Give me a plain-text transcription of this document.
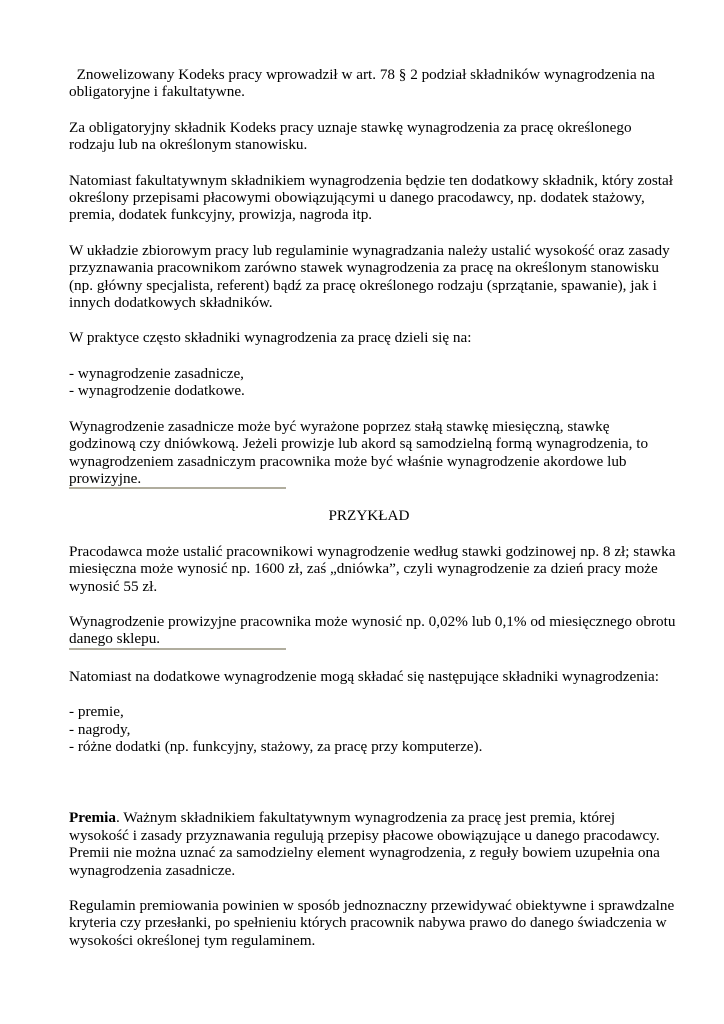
Znowelizowany Kodeks pracy wprowadził w art. 78 § 2 podział składników wynagrodzenia na
obligatoryjne i fakultatywne.
Za obligatoryjny składnik Kodeks pracy uznaje stawkę wynagrodzenia za pracę określonego
rodzaju lub na określonym stanowisku.
Natomiast fakultatywnym składnikiem wynagrodzenia będzie ten dodatkowy składnik, który został
określony przepisami płacowymi obowiązującymi u danego pracodawcy, np. dodatek stażowy,
premia, dodatek funkcyjny, prowizja, nagroda itp.
W układzie zbiorowym pracy lub regulaminie wynagradzania należy ustalić wysokość oraz zasady
przyznawania pracownikom zarówno stawek wynagrodzenia za pracę na określonym stanowisku
(np. główny specjalista, referent) bądź za pracę określonego rodzaju (sprzątanie, spawanie), jak i
innych dodatkowych składników.
W praktyce często składniki wynagrodzenia za pracę dzieli się na:
- wynagrodzenie zasadnicze,
- wynagrodzenie dodatkowe.
Wynagrodzenie zasadnicze może być wyrażone poprzez stałą stawkę miesięczną, stawkę
godzinową czy dniówkową. Jeżeli prowizje lub akord są samodzielną formą wynagrodzenia, to
wynagrodzeniem zasadniczym pracownika może być właśnie wynagrodzenie akordowe lub
prowizyjne.
PRZYKŁAD
Pracodawca może ustalić pracownikowi wynagrodzenie według stawki godzinowej np. 8 zł; stawka
miesięczna może wynosić np. 1600 zł, zaś „dniówka”, czyli wynagrodzenie za dzień pracy może
wynosić 55 zł.
Wynagrodzenie prowizyjne pracownika może wynosić np. 0,02% lub 0,1% od miesięcznego obrotu
danego sklepu.
Natomiast na dodatkowe wynagrodzenie mogą składać się następujące składniki wynagrodzenia:
- premie,
- nagrody,
- różne dodatki (np. funkcyjny, stażowy, za pracę przy komputerze).
Premia. Ważnym składnikiem fakultatywnym wynagrodzenia za pracę jest premia, której
wysokość i zasady przyznawania regulują przepisy płacowe obowiązujące u danego pracodawcy.
Premii nie można uznać za samodzielny element wynagrodzenia, z reguły bowiem uzupełnia ona
wynagrodzenia zasadnicze.
Regulamin premiowania powinien w sposób jednoznaczny przewidywać obiektywne i sprawdzalne
kryteria czy przesłanki, po spełnieniu których pracownik nabywa prawo do danego świadczenia w
wysokości określonej tym regulaminem.
